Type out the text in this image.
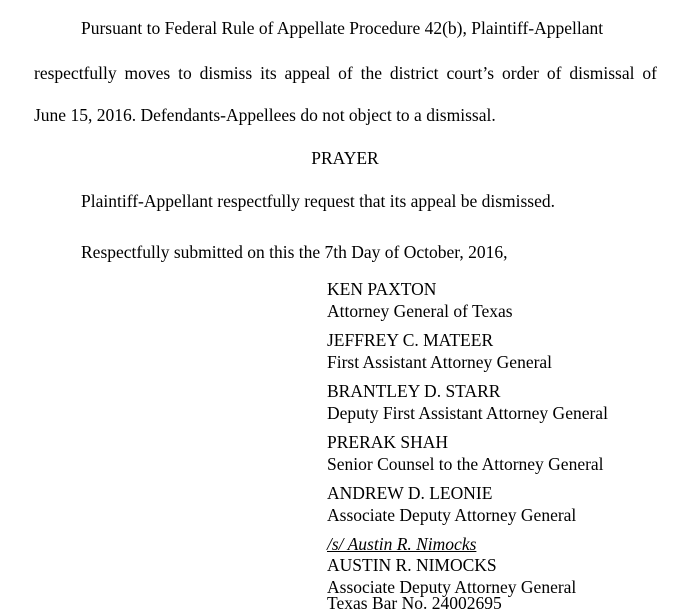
Pursuant to Federal Rule of Appellate Procedure 42(b), Plaintiff-Appellant
respectfully moves to dismiss its appeal of the district court’s order of dismissal of
June 15, 2016. Defendants-Appellees do not object to a dismissal.
PRAYER
Plaintiff-Appellant respectfully request that its appeal be dismissed.
Respectfully submitted on this the 7th Day of October, 2016,
KEN PAXTON
Attorney General of Texas
JEFFREY C. MATEER
First Assistant Attorney General
BRANTLEY D. STARR
Deputy First Assistant Attorney General
PRERAK SHAH
Senior Counsel to the Attorney General
ANDREW D. LEONIE
Associate Deputy Attorney General
/s/ Austin R. Nimocks
AUSTIN R. NIMOCKS
Associate Deputy Attorney General
Texas Bar No. 24002695
